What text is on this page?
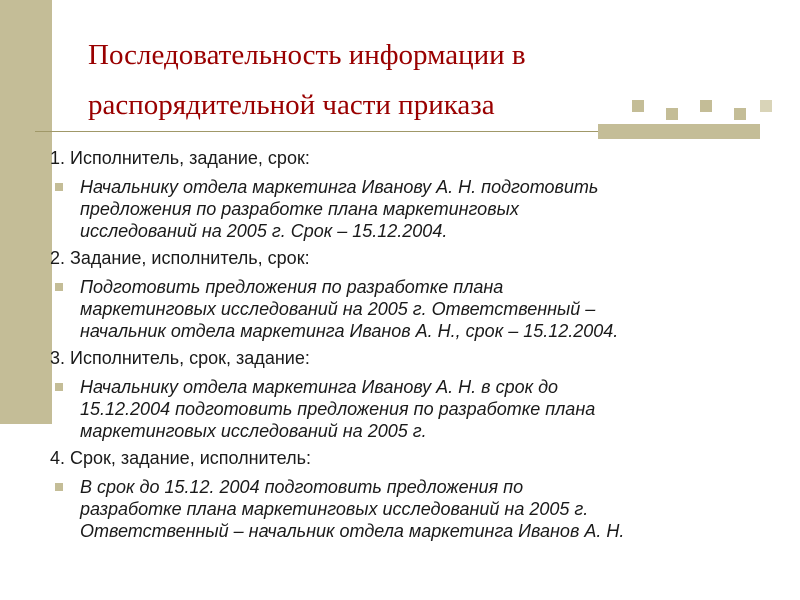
Последовательность информации в
распорядительной части приказа
1. Исполнитель, задание, срок:
Начальнику отдела маркетинга Иванову А. Н. подготовить
предложения по разработке плана маркетинговых
исследований на 2005 г. Срок – 15.12.2004.
2. Задание, исполнитель, срок:
Подготовить предложения по разработке плана
маркетинговых исследований на 2005 г. Ответственный –
начальник отдела маркетинга Иванов А. Н., срок – 15.12.2004.
3. Исполнитель, срок, задание:
Начальнику отдела маркетинга Иванову А. Н. в срок до
15.12.2004 подготовить предложения по разработке плана
маркетинговых исследований на 2005 г.
4. Срок, задание, исполнитель:
В срок до 15.12. 2004 подготовить предложения по
разработке плана маркетинговых исследований на 2005 г.
Ответственный – начальник отдела маркетинга Иванов А. Н.
